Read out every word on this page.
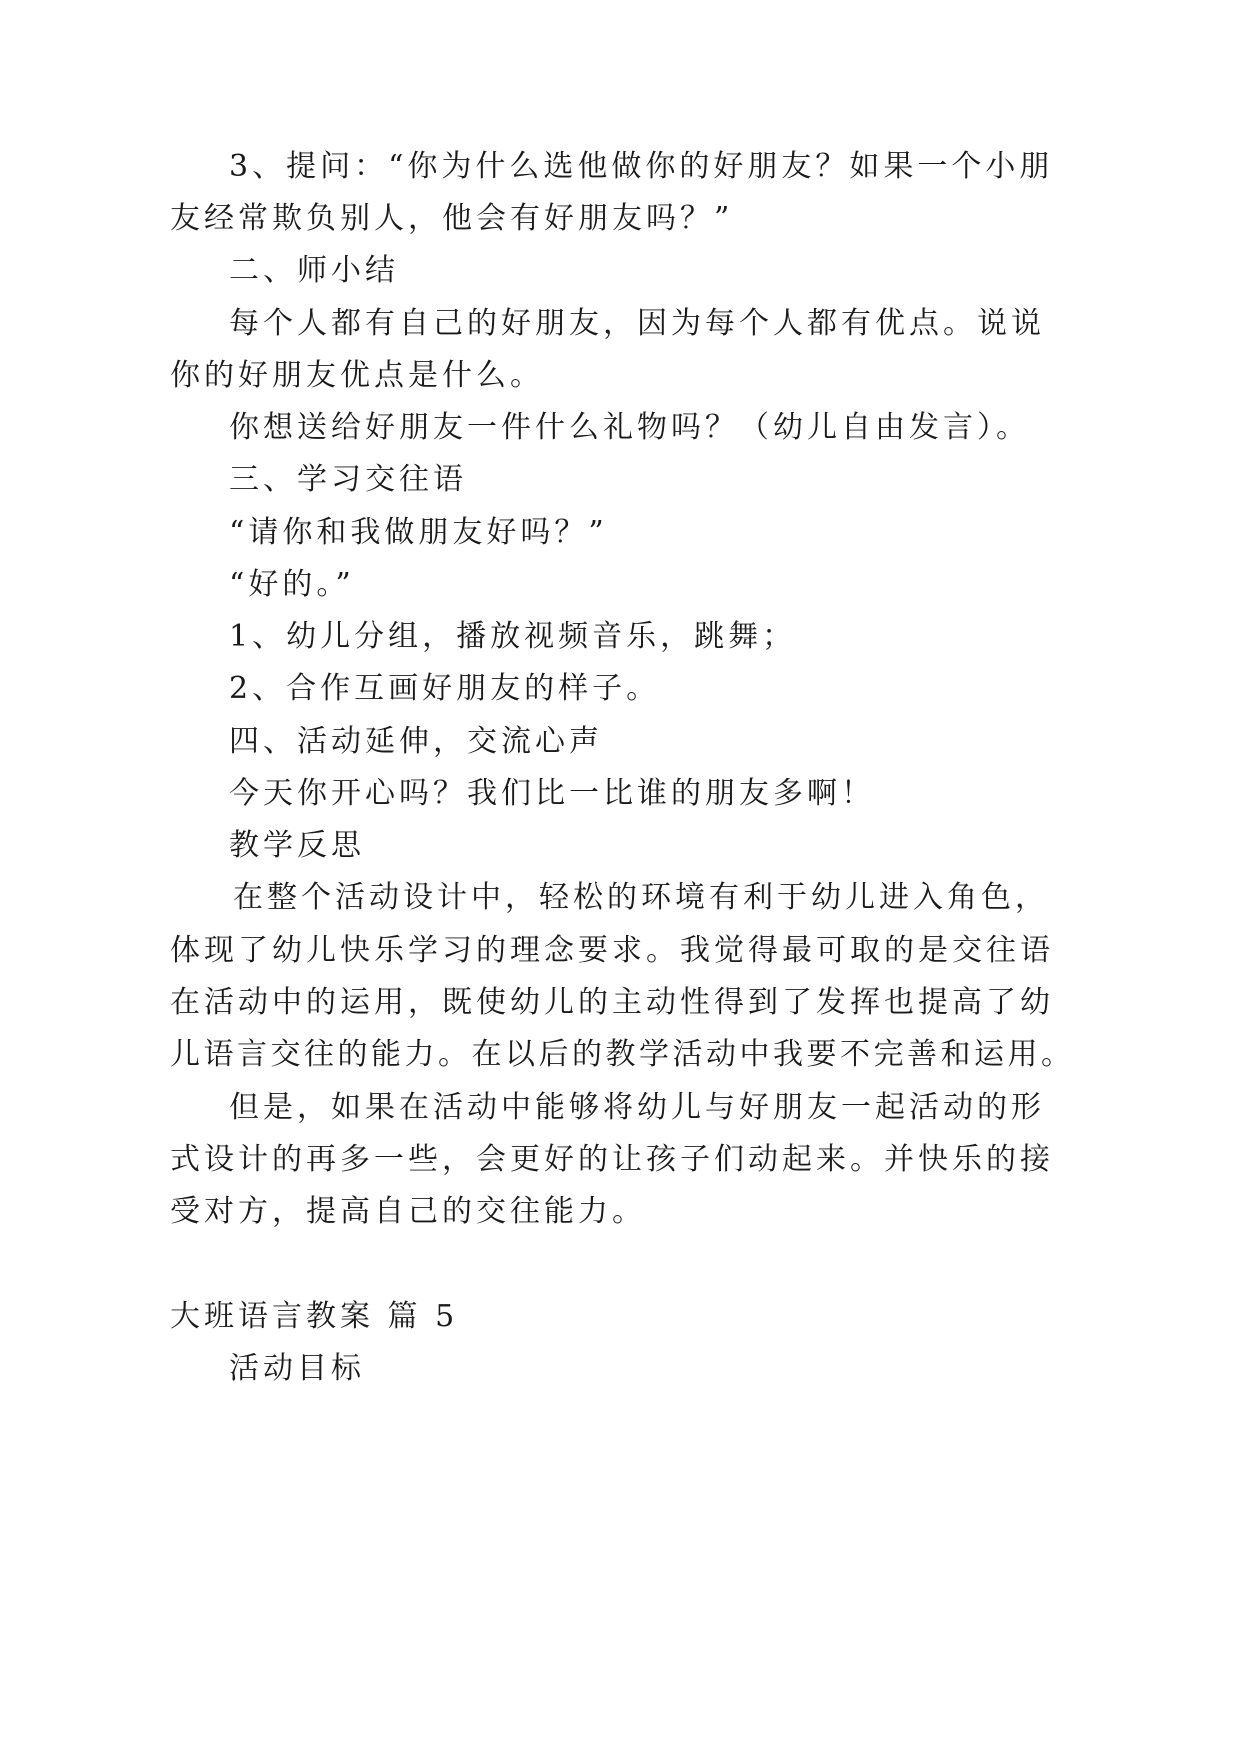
3、提问：“你为什么选他做你的好朋友？如果一个小朋
友经常欺负别人，他会有好朋友吗？”
二、师小结
每个人都有自己的好朋友，因为每个人都有优点。说说
你的好朋友优点是什么。
你想送给好朋友一件什么礼物吗？（幼儿自由发言）。
三、学习交往语
“请你和我做朋友好吗？”
“好的。”
1、幼儿分组，播放视频音乐，跳舞；
2、合作互画好朋友的样子。
四、活动延伸，交流心声
今天你开心吗？我们比一比谁的朋友多啊！
教学反思
在整个活动设计中，轻松的环境有利于幼儿进入角色，
体现了幼儿快乐学习的理念要求。我觉得最可取的是交往语
在活动中的运用，既使幼儿的主动性得到了发挥也提高了幼
儿语言交往的能力。在以后的教学活动中我要不完善和运用。
但是，如果在活动中能够将幼儿与好朋友一起活动的形
式设计的再多一些，会更好的让孩子们动起来。并快乐的接
受对方，提高自己的交往能力。
大班语言教案 篇 5
活动目标
